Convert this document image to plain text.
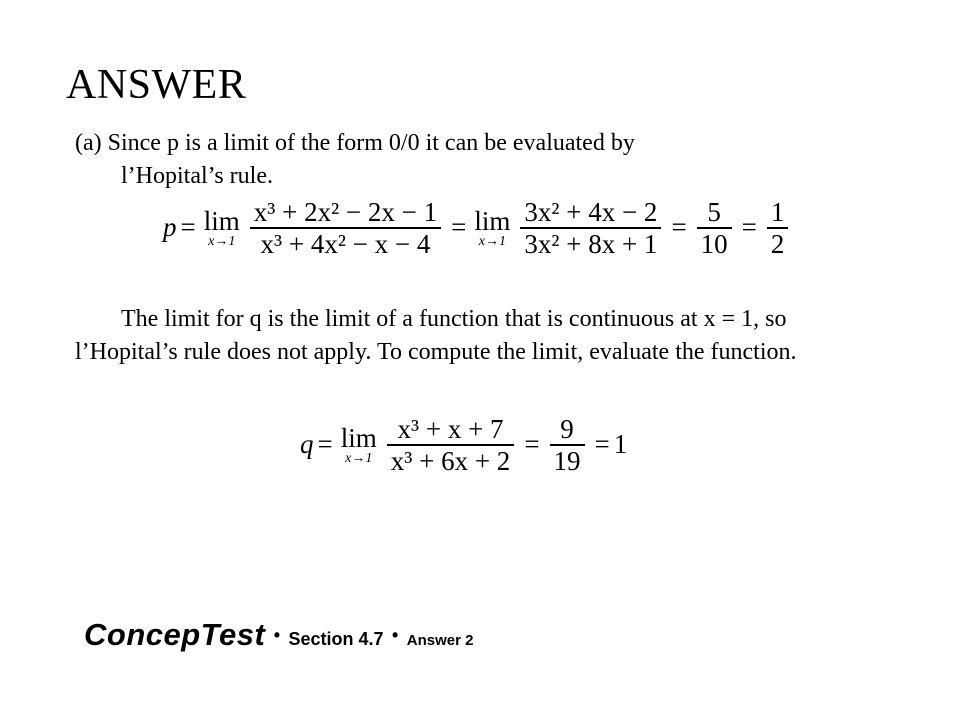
ANSWER
(a) Since p is a limit of the form 0/0 it can be evaluated by
l’Hopital’s rule.
p = lim
$x\to 1 \frac{\text{x³ + 2x² − 2x − 1}}{\text{x³ + 4x² − x − 4}} = \lim$
$x\to 1 \frac{\text{3x² + 4x − 2}}{\text{3x² + 8x + 1}} = \frac{5}{10} = \frac{1}{2}$
The limit for q is the limit of a function that is continuous at x = 1, so l’Hopital’s rule does not apply. To compute the limit, evaluate the function.
q = lim
$x\to 1 \frac{\text{x³ + x + 7}}{\text{x³ + 6x + 2}} = \frac{9}{19} = 1$
ConcepTest • Section 4.7 • Answer 2
